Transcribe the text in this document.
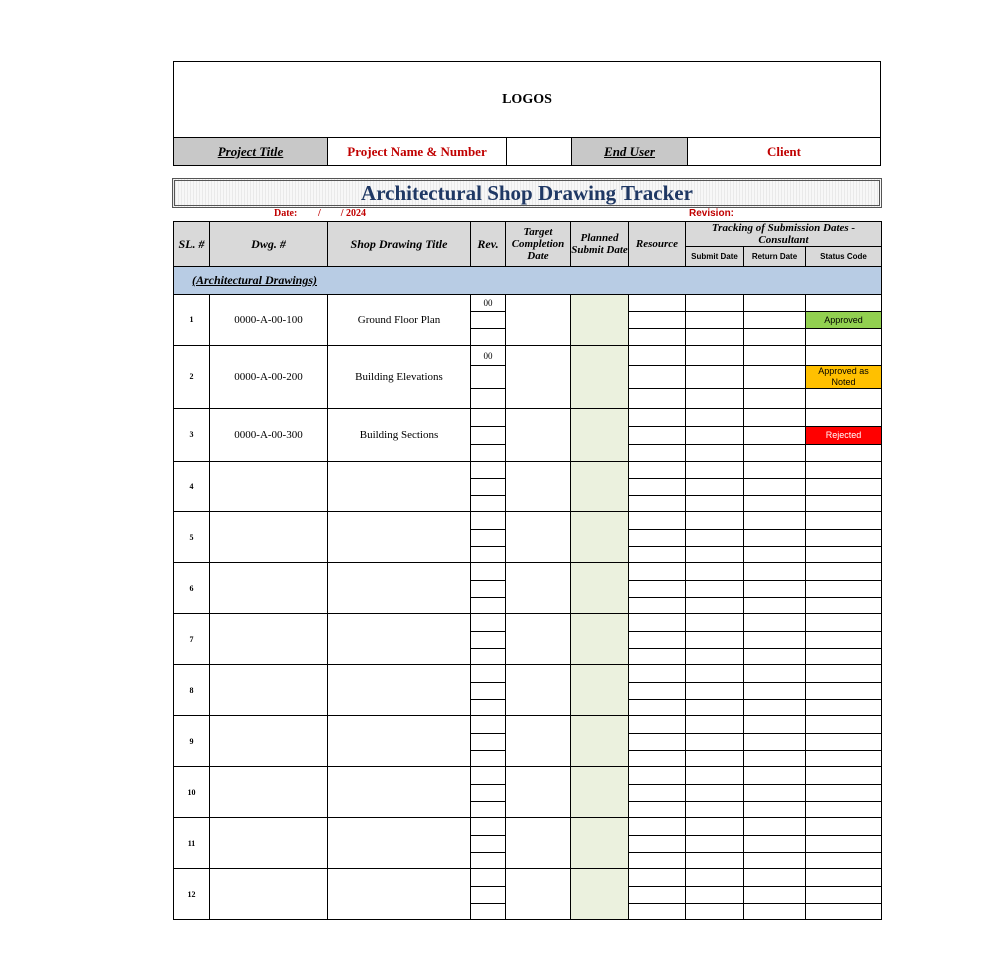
LOGOS
Project Title	Project Name & Number		End User	Client
Architectural Shop Drawing Tracker
Date: /        / 2024	Revision:
SL. #	Dwg. #	Shop Drawing Title	Rev.	Target Completion Date	Planned Submit Date	Resource	Tracking of Submission Dates - Consultant		
							Submit Date	Return Date	Status Code
(Architectural Drawings)									
1	0000-A-00-100	Ground Floor Plan	00						
									Approved

2	0000-A-00-200	Building Elevations	00						
									Approved as Noted

3	0000-A-00-300	Building Sections							
									Rejected

4									

5									

6									

7									

8									

9									

10									

11									

12									
